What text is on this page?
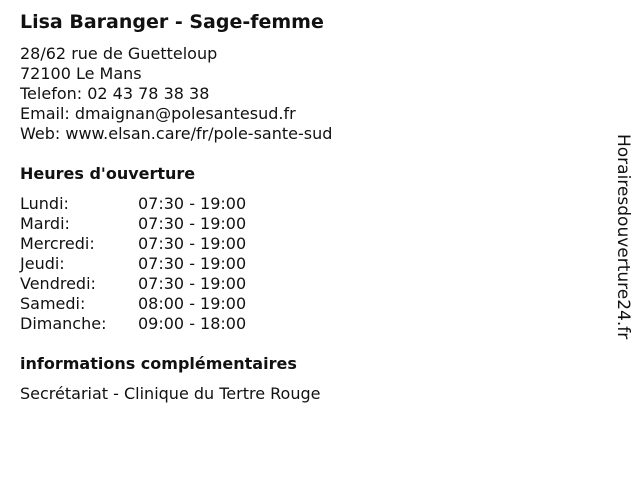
Lisa Baranger - Sage-femme
28/62 rue de Guetteloup
72100 Le Mans
Telefon: 02 43 78 38 38
Email: dmaignan@polesantesud.fr
Web: www.elsan.care/fr/pole-sante-sud
Heures d'ouverture
Lundi:	07:30 - 19:00
Mardi:	07:30 - 19:00
Mercredi:	07:30 - 19:00
Jeudi:	07:30 - 19:00
Vendredi:	07:30 - 19:00
Samedi:	08:00 - 19:00
Dimanche:	09:00 - 18:00
informations complémentaires
Secrétariat - Clinique du Tertre Rouge
Horairesdouverture24.fr
